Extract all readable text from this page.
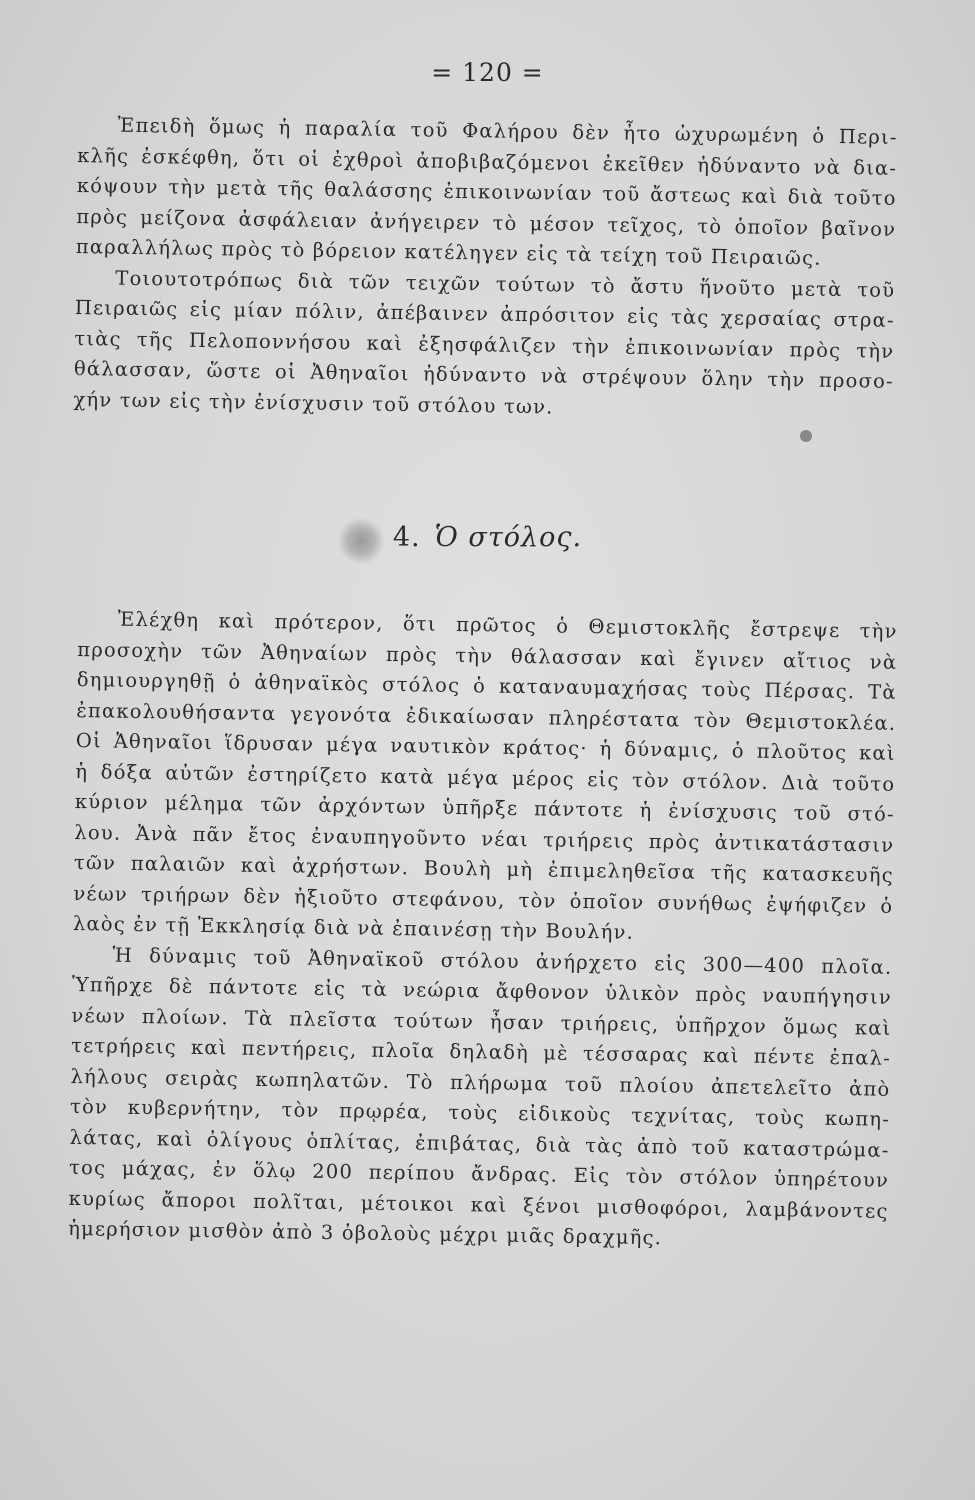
= 120 =
Ἐπειδὴ ὅμως ἡ παραλία τοῦ Φαλήρου δὲν ἦτο ὠχυρωμένη ὁ Περι-
κλῆς ἐσκέφθη, ὅτι οἱ ἐχθροὶ ἀποβιβαζόμενοι ἐκεῖθεν ἠδύναντο νὰ δια-
κόψουν τὴν μετὰ τῆς θαλάσσης ἐπικοινωνίαν τοῦ ἄστεως καὶ διὰ τοῦτο
πρὸς μείζονα ἀσφάλειαν ἀνήγειρεν τὸ μέσον τεῖχος, τὸ ὁποῖον βαῖνον
παραλλήλως πρὸς τὸ βόρειον κατέληγεν εἰς τὰ τείχη τοῦ Πειραιῶς.
Τοιουτοτρόπως διὰ τῶν τειχῶν τούτων τὸ ἄστυ ἥνοῦτο μετὰ τοῦ
Πειραιῶς εἰς μίαν πόλιν, ἀπέβαινεν ἀπρόσιτον εἰς τὰς χερσαίας στρα-
τιὰς τῆς Πελοποννήσου καὶ ἐξησφάλιζεν τὴν ἐπικοινωνίαν πρὸς τὴν
θάλασσαν, ὥστε οἱ Ἀθηναῖοι ἠδύναντο νὰ στρέψουν ὅλην τὴν προσο-
χήν των εἰς τὴν ἐνίσχυσιν τοῦ στόλου των.
4. Ὁ στόλος.
Ἐλέχθη καὶ πρότερον, ὅτι πρῶτος ὁ Θεμιστοκλῆς ἔστρεψε τὴν
προσοχὴν τῶν Ἀθηναίων πρὸς τὴν θάλασσαν καὶ ἔγινεν αἴτιος νὰ
δημιουργηθῇ ὁ ἀθηναϊκὸς στόλος ὁ καταναυμαχήσας τοὺς Πέρσας. Τὰ
ἐπακολουθήσαντα γεγονότα ἐδικαίωσαν πληρέστατα τὸν Θεμιστοκλέα.
Οἱ Ἀθηναῖοι ἵδρυσαν μέγα ναυτικὸν κράτος· ἡ δύναμις, ὁ πλοῦτος καὶ
ἡ δόξα αὐτῶν ἐστηρίζετο κατὰ μέγα μέρος εἰς τὸν στόλον. Διὰ τοῦτο
κύριον μέλημα τῶν ἀρχόντων ὑπῆρξε πάντοτε ἡ ἐνίσχυσις τοῦ στό-
λου. Ἀνὰ πᾶν ἔτος ἐναυπηγοῦντο νέαι τριήρεις πρὸς ἀντικατάστασιν
τῶν παλαιῶν καὶ ἀχρήστων. Βουλὴ μὴ ἐπιμεληθεῖσα τῆς κατασκευῆς
νέων τριήρων δὲν ἠξιοῦτο στεφάνου, τὸν ὁποῖον συνήθως ἐψήφιζεν ὁ
λαὸς ἐν τῇ Ἐκκλησίᾳ διὰ νὰ ἐπαινέσῃ τὴν Βουλήν.
Ἡ δύναμις τοῦ Ἀθηναϊκοῦ στόλου ἀνήρχετο εἰς 300—400 πλοῖα.
Ὑπῆρχε δὲ πάντοτε εἰς τὰ νεώρια ἄφθονον ὑλικὸν πρὸς ναυπήγησιν
νέων πλοίων. Τὰ πλεῖστα τούτων ἦσαν τριήρεις, ὑπῆρχον ὅμως καὶ
τετρήρεις καὶ πεντήρεις, πλοῖα δηλαδὴ μὲ τέσσαρας καὶ πέντε ἐπαλ-
λήλους σειρὰς κωπηλατῶν. Τὸ πλήρωμα τοῦ πλοίου ἀπετελεῖτο ἀπὸ
τὸν κυβερνήτην, τὸν πρῳρέα, τοὺς εἰδικοὺς τεχνίτας, τοὺς κωπη-
λάτας, καὶ ὀλίγους ὁπλίτας, ἐπιβάτας, διὰ τὰς ἀπὸ τοῦ καταστρώμα-
τος μάχας, ἐν ὅλῳ 200 περίπου ἄνδρας. Εἰς τὸν στόλον ὑπηρέτουν
κυρίως ἄποροι πολῖται, μέτοικοι καὶ ξένοι μισθοφόροι, λαμβάνοντες
ἡμερήσιον μισθὸν ἀπὸ 3 ὀβολοὺς μέχρι μιᾶς δραχμῆς.
